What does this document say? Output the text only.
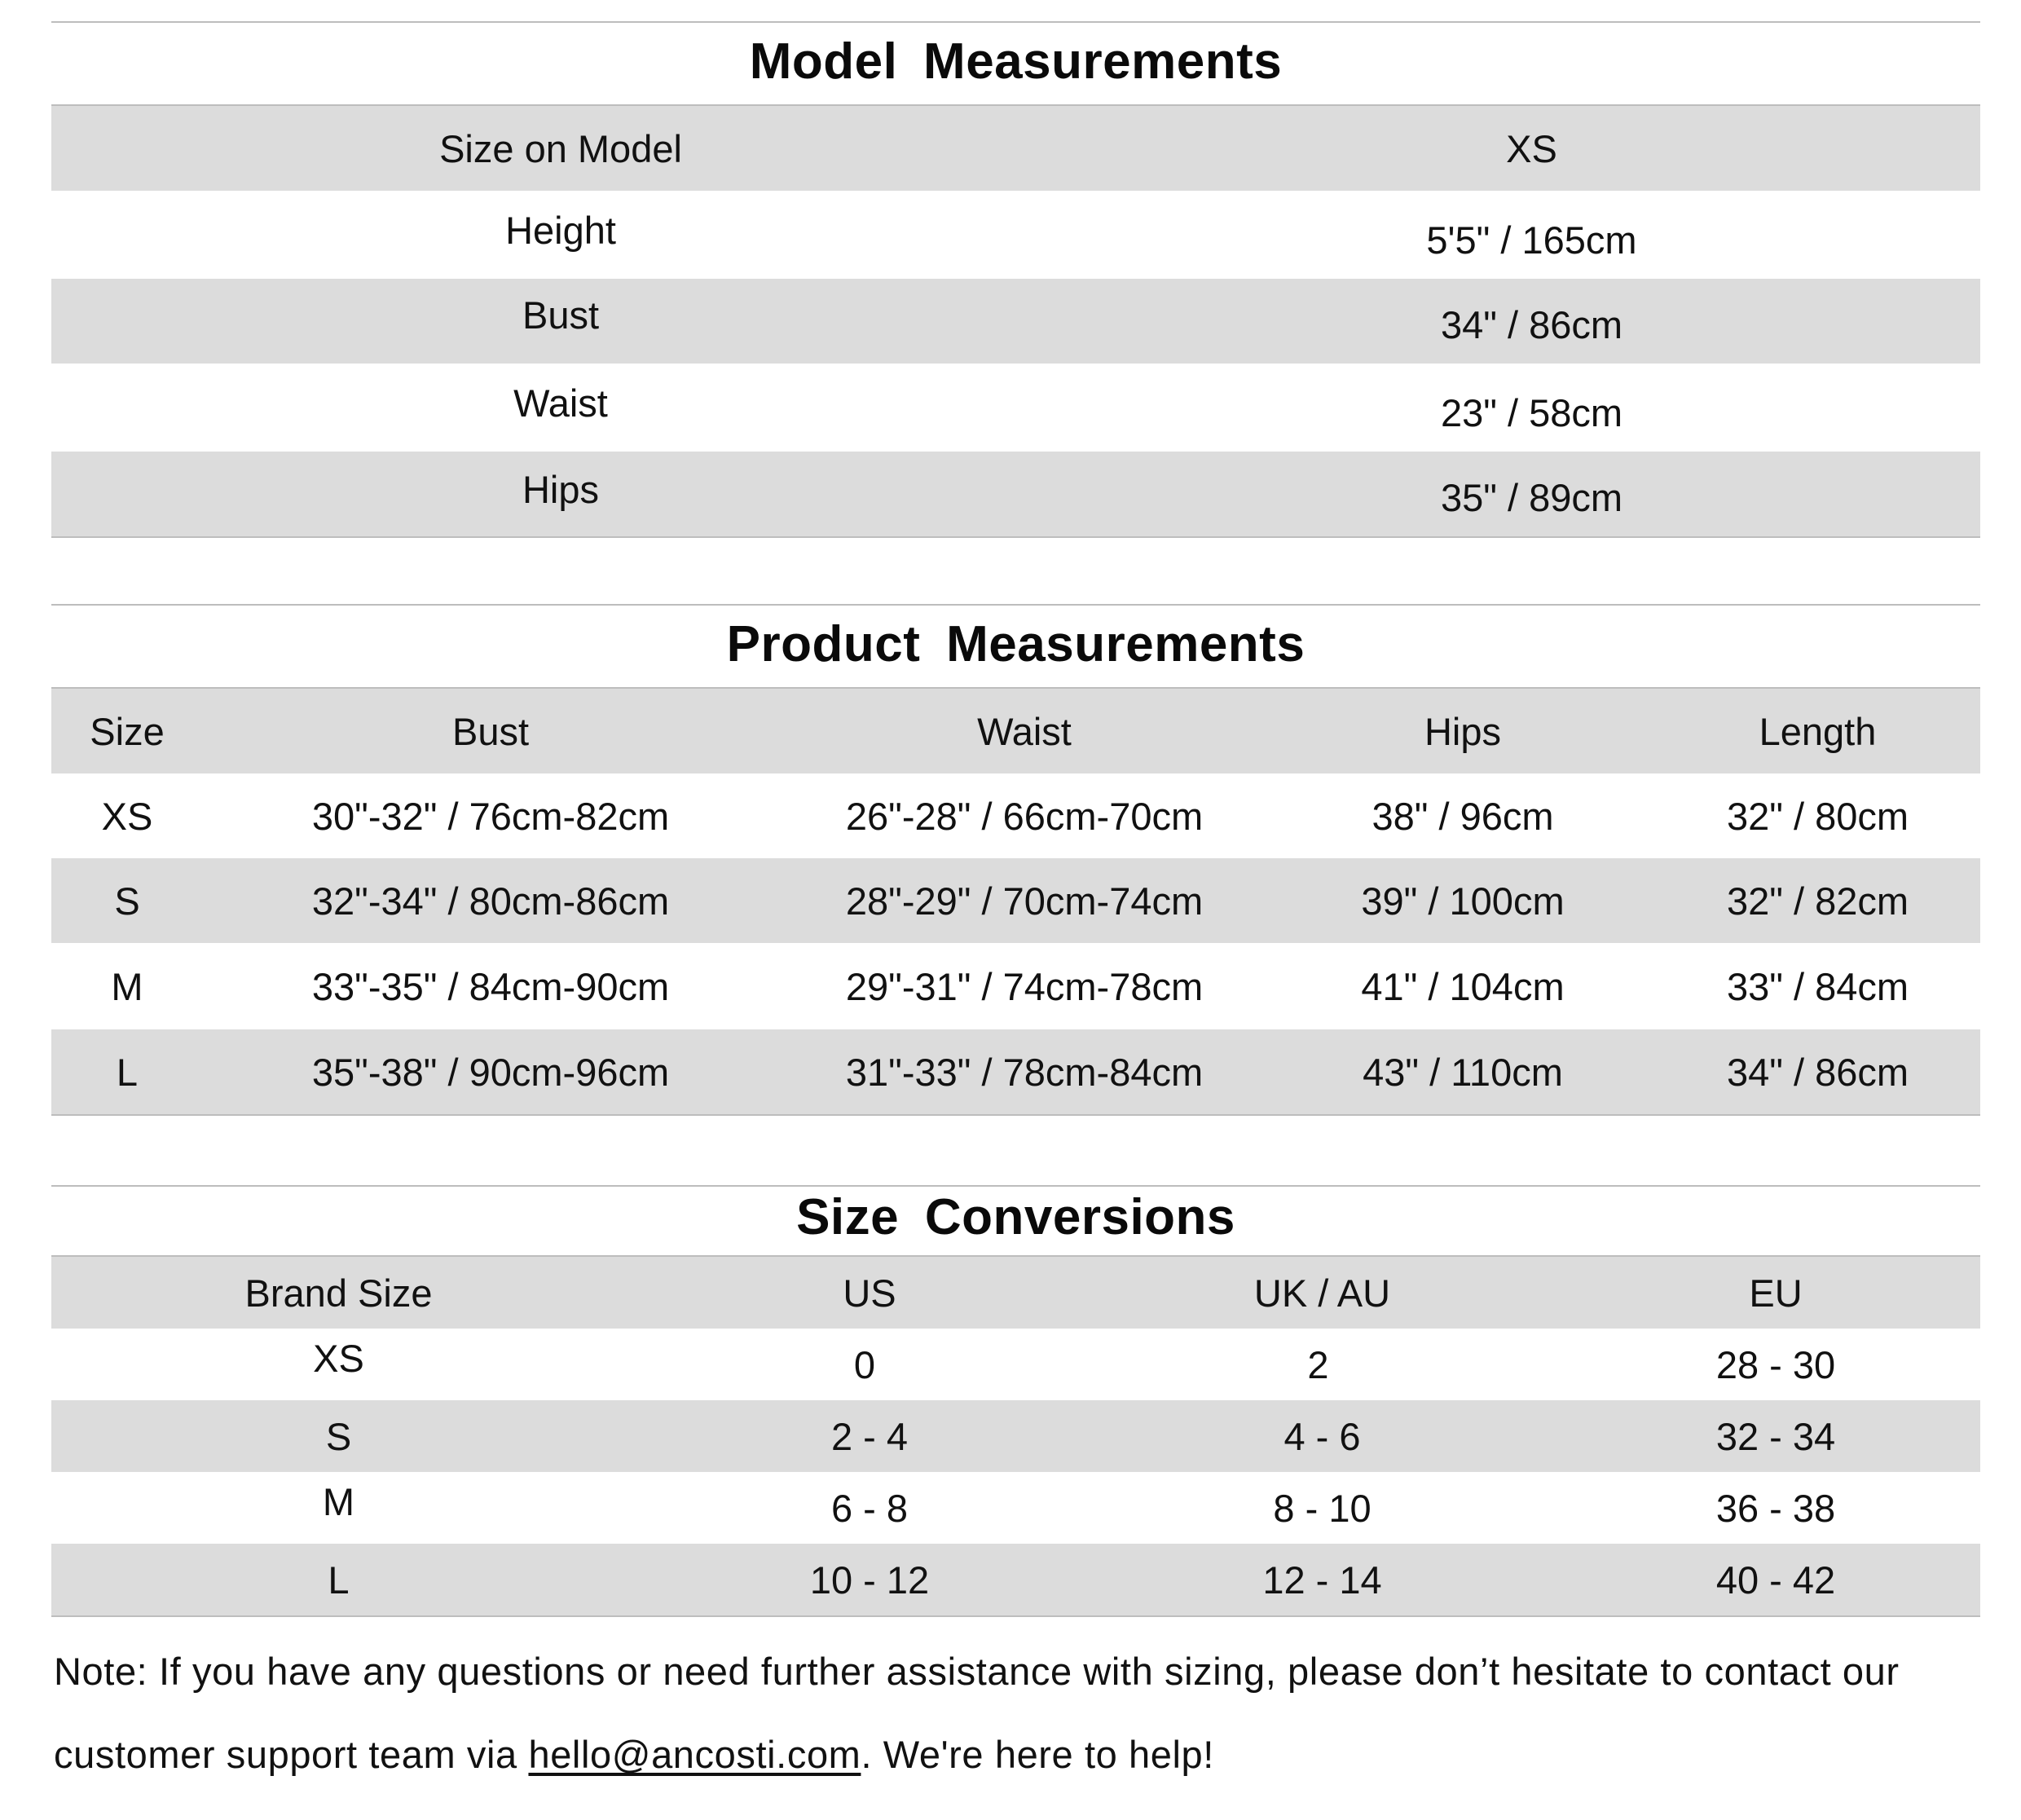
Model Measurements
Size on Model	XS
Height	5'5" / 165cm
Bust	34" / 86cm
Waist	23" / 58cm
Hips	35" / 89cm
Product Measurements
Size	Bust	Waist	Hips	Length
XS	30"-32" / 76cm-82cm	26"-28" / 66cm-70cm	38" / 96cm	32" / 80cm
S	32"-34" / 80cm-86cm	28"-29" / 70cm-74cm	39" / 100cm	32" / 82cm
M	33"-35" / 84cm-90cm	29"-31" / 74cm-78cm	41" / 104cm	33" / 84cm
L	35"-38" / 90cm-96cm	31"-33" / 78cm-84cm	43" / 110cm	34" / 86cm
Size Conversions
Brand Size	US	UK / AU	EU
XS	0	2	28 - 30
S	2 - 4	4 - 6	32 - 34
M	6 - 8	8 - 10	36 - 38
L	10 - 12	12 - 14	40 - 42

Note: If you have any questions or need further assistance with sizing, please don’t hesitate to contact our customer support team via hello@ancosti.com. We're here to help!
